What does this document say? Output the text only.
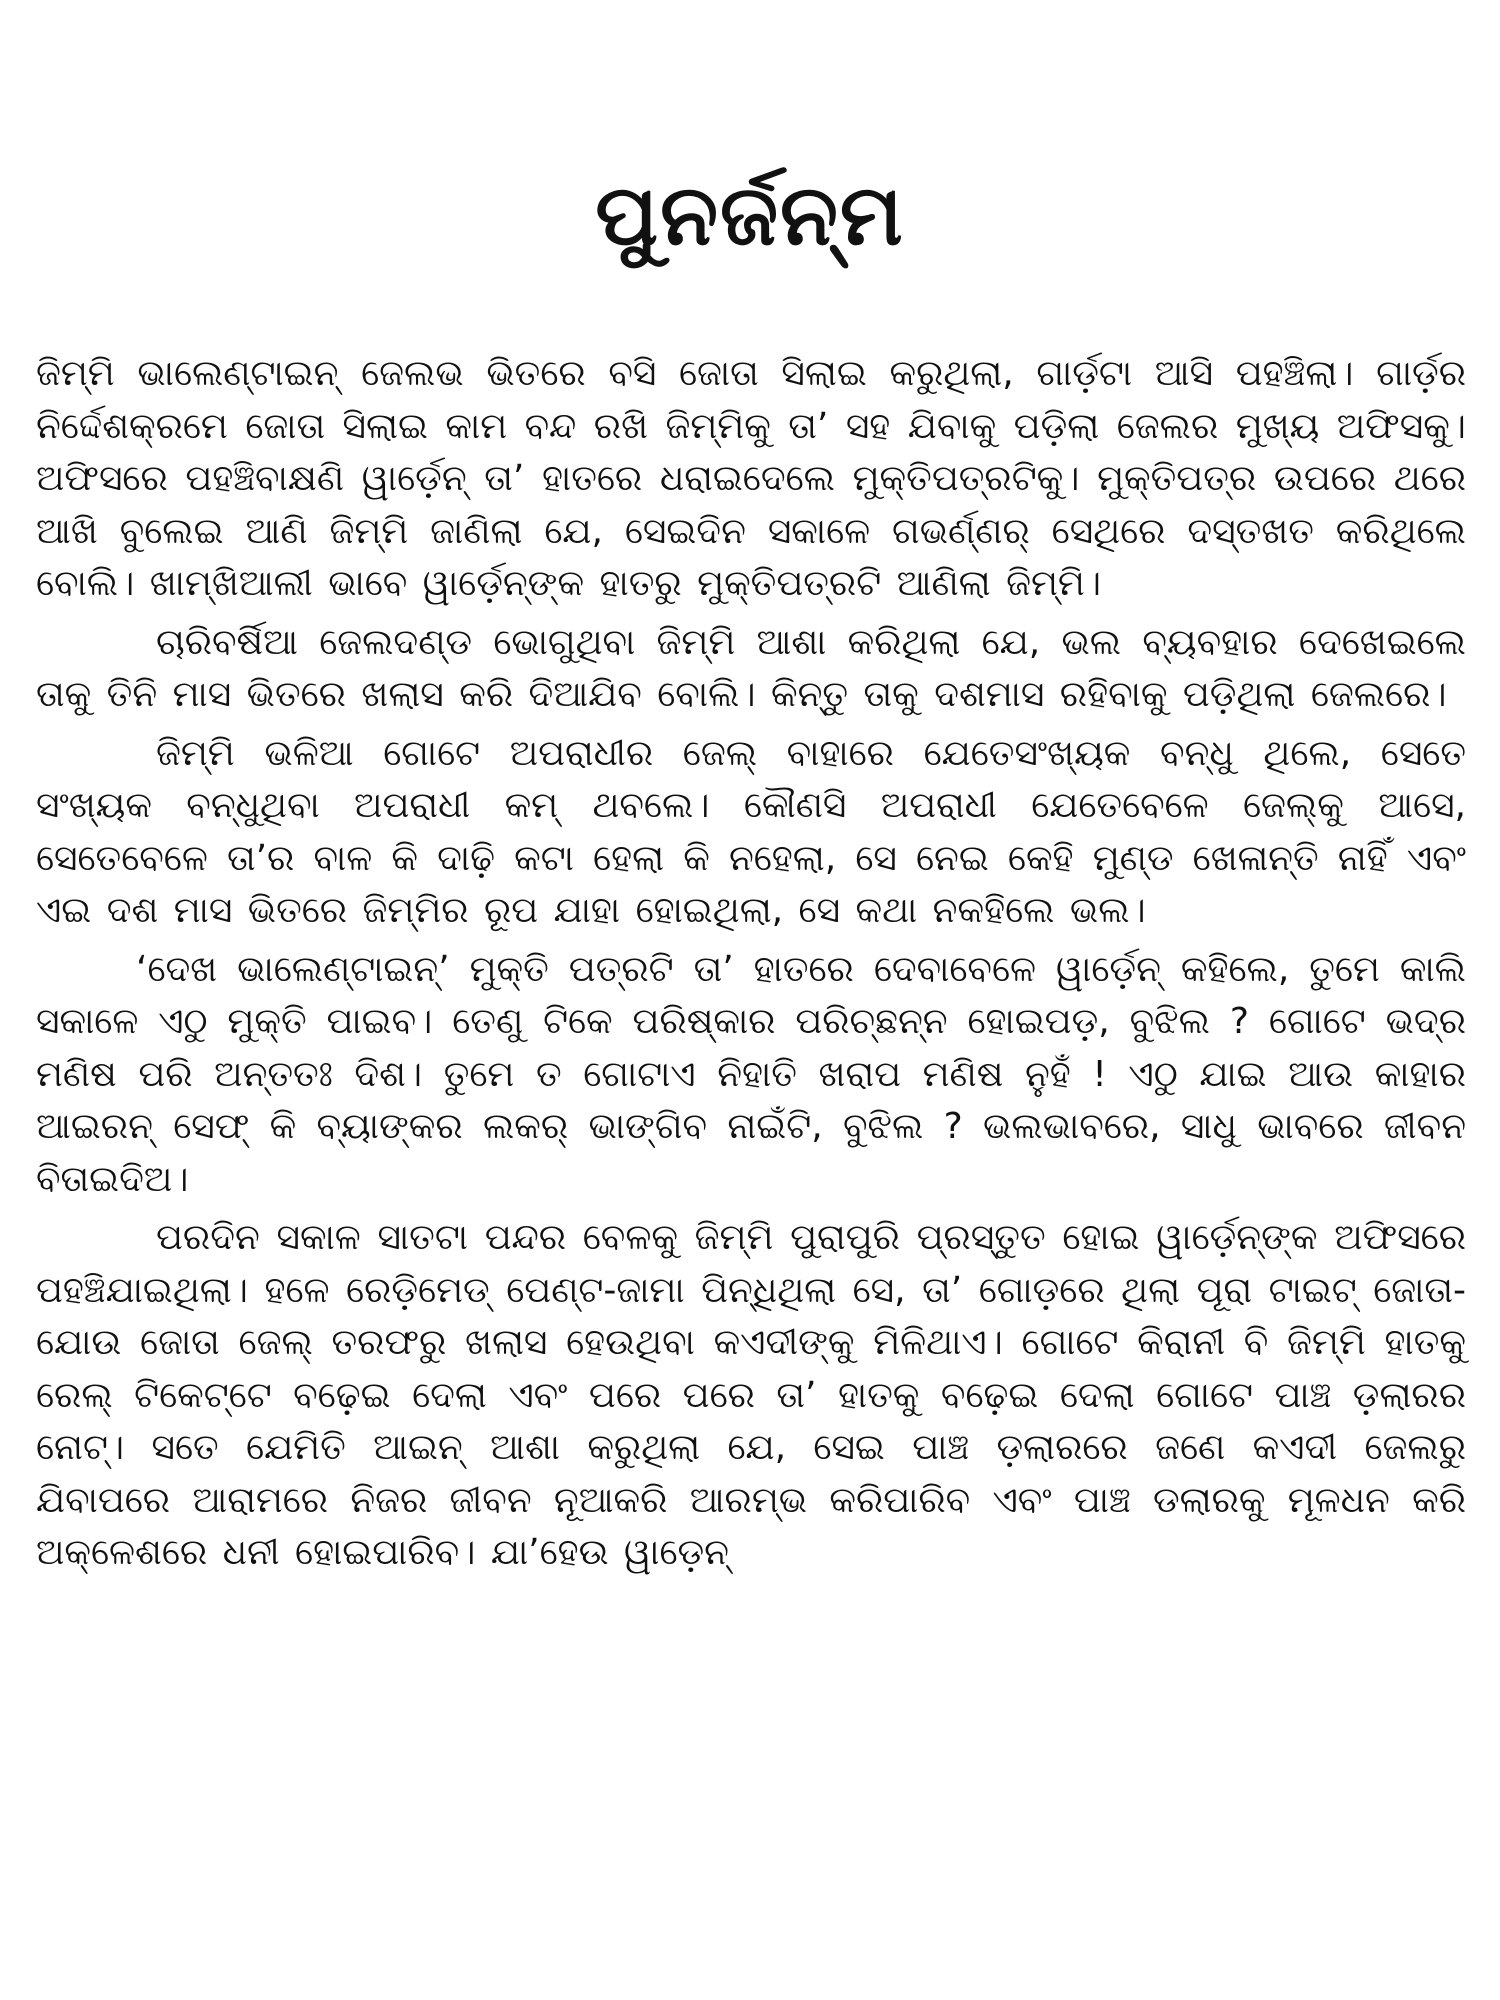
ପୁନର୍ଜନ୍ମ

ଜିମ୍ମି ଭାଲେଣ୍ଟାଇନ୍ ଜେଲଭ ଭିତରେ ବସି ଜୋତା ସିଲାଇ କରୁଥିଲା, ଗାର୍ଡ଼ଟା ଆସି ପହଞ୍ଚିଲା। ଗାର୍ଡ଼ର ନିର୍ଦ୍ଦେଶକ୍ରମେ ଜୋତା ସିଲାଇ କାମ ବନ୍ଦ ରଖି ଜିମ୍ମିକୁ ତା’ ସହ ଯିବାକୁ ପଡ଼ିଲା ଜେଲର ମୁଖ୍ୟ ଅଫିସକୁ। ଅଫିସରେ ପହଞ୍ଚିବାକ୍ଷଣି ୱାର୍ଡ଼େନ୍ ତା’ ହାତରେ ଧରାଇଦେଲେ ମୁକ୍ତିପତ୍ରଟିକୁ। ମୁକ୍ତିପତ୍ର ଉପରେ ଥରେ ଆଖି ବୁଲେଇ ଆଣି ଜିମ୍ମି ଜାଣିଲା ଯେ, ସେଇଦିନ ସକାଳେ ଗଭର୍ଣ୍ଣର୍ ସେଥିରେ ଦସ୍ତଖତ କରିଥିଲେ ବୋଲି। ଖାମ୍‌ଖିଆଲୀ ଭାବେ ୱାର୍ଡ଼େନ୍‌ଙ୍କ ହାତରୁ ମୁକ୍ତିପତ୍ରଟି ଆଣିଲା ଜିମ୍ମି।

ଚାରିବର୍ଷିଆ ଜେଲଦଣ୍ଡ ଭୋଗୁଥିବା ଜିମ୍ମି ଆଶା କରିଥିଲା ଯେ, ଭଲ ବ୍ୟବହାର ଦେଖେଇଲେ ତାକୁ ତିନି ମାସ ଭିତରେ ଖଲାସ କରି ଦିଆଯିବ ବୋଲି। କିନ୍ତୁ ତାକୁ ଦଶମାସ ରହିବାକୁ ପଡ଼ିଥିଲା ଜେଲରେ।

ଜିମ୍ମି ଭଳିଆ ଗୋଟେ ଅପରାଧୀର ଜେଲ୍ ବାହାରେ ଯେତେସଂଖ୍ୟକ ବନ୍ଧୁ ଥିଲେ, ସେତେ ସଂଖ୍ୟକ ବନ୍ଧୁଥିବା ଅପରାଧୀ କମ୍ ଥବଲେ। କୌଣସି ଅପରାଧୀ ଯେତେବେଳେ ଜେଲ୍‌କୁ ଆସେ, ସେତେବେଳେ ତା’ର ବାଳ କି ଦାଢ଼ି କଟା ହେଲା କି ନହେଲା, ସେ ନେଇ କେହି ମୁଣ୍ଡ ଖେଳାନ୍ତି ନାହିଁ ଏବଂ ଏଇ ଦଶ ମାସ ଭିତରେ ଜିମ୍ମିର ରୂପ ଯାହା ହୋଇଥିଲା, ସେ କଥା ନକହିଲେ ଭଲ।

‘ଦେଖ ଭାଲେଣ୍ଟାଇନ୍’ ମୁକ୍ତି ପତ୍ରଟି ତା’ ହାତରେ ଦେବାବେଳେ ୱାର୍ଡ଼େନ୍ କହିଲେ, ତୁମେ କାଲି ସକାଳେ ଏଠୁ ମୁକ୍ତି ପାଇବ। ତେଣୁ ଟିକେ ପରିଷ୍କାର ପରିଚ୍ଛନ୍ନ ହୋଇପଡ଼, ବୁଝିଲ ? ଗୋଟେ ଭଦ୍ର ମଣିଷ ପରି ଅନ୍ତତଃ ଦିଶ। ତୁମେ ତ ଗୋଟାଏ ନିହାତି ଖରାପ ମଣିଷ ନୁହଁ ! ଏଠୁ ଯାଇ ଆଉ କାହାର ଆଇରନ୍ ସେଫ୍ କି ବ୍ୟାଙ୍କର ଲକର୍ ଭାଙ୍ଗିବ ନାଇଁଟି, ବୁଝିଲ ? ଭଲଭାବରେ, ସାଧୁ ଭାବରେ ଜୀବନ ବିତାଇଦିଅ।

ପରଦିନ ସକାଳ ସାତଟା ପନ୍ଦର ବେଳକୁ ଜିମ୍ମି ପୁରାପୁରି ପ୍ରସ୍ତୁତ ହୋଇ ୱାର୍ଡ଼େନ୍‌ଙ୍କ ଅଫିସରେ ପହଞ୍ଚିଯାଇଥିଲା। ହଳେ ରେଡ଼ିମେଡ୍ ପେଣ୍ଟ-ଜାମା ପିନ୍ଧିଥିଲା ସେ, ତା’ ଗୋଡ଼ରେ ଥିଲା ପୂରା ଟାଇଟ୍ ଜୋତା- ଯୋଉ ଜୋତା ଜେଲ୍ ତରଫରୁ ଖଲାସ ହେଉଥିବା କଏଦୀଙ୍କୁ ମିଳିଥାଏ। ଗୋଟେ କିରାନୀ ବି ଜିମ୍ମି ହାତକୁ ରେଲ୍ ଟିକେଟ୍‌ଟେ ବଢ଼େଇ ଦେଲା ଏବଂ ପରେ ପରେ ତା’ ହାତକୁ ବଢ଼େଇ ଦେଲା ଗୋଟେ ପାଞ୍ଚ ଡ଼ଲାରର ନୋଟ୍। ସତେ ଯେମିତି ଆଇନ୍ ଆଶା କରୁଥିଲା ଯେ, ସେଇ ପାଞ୍ଚ ଡ଼ଲାରରେ ଜଣେ କଏଦୀ ଜେଲରୁ ଯିବାପରେ ଆରାମରେ ନିଜର ଜୀବନ ନୂଆକରି ଆରମ୍ଭ କରିପାରିବ ଏବଂ ପାଞ୍ଚ ଡଲାରକୁ ମୂଳଧନ କରି ଅକ୍ଳେଶରେ ଧନୀ ହୋଇପାରିବ। ଯା’ହେଉ ୱାଡ଼େନ୍
